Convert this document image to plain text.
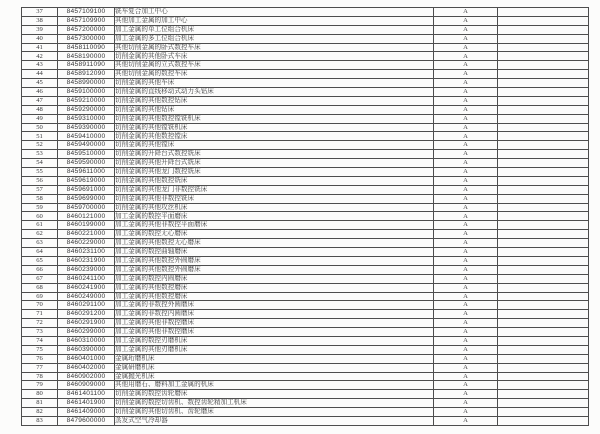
37	8457109100	铣车复合加工中心	A	
38	8457109900	其他加工金属的加工中心	A	
39	8457200000	加工金属的单工位组合机床	A	
40	8457300000	加工金属的多工位组合机床	A	
41	8458110090	其他切削金属的卧式数控车床	A	
42	8458190000	切削金属的其他卧式车床	A	
43	8458911090	其他切削金属的立式数控车床	A	
44	8458912090	其他切削金属的数控车床	A	
45	8458990000	切削金属的其他车床	A	
46	8459100000	切削金属的直线移动式动力头钻床	A	
47	8459210000	切削金属的其他数控钻床	A	
48	8459290000	切削金属的其他钻床	A	
49	8459310000	切削金属的其他数控镗铣机床	A	
50	8459390000	切削金属的其他镗铣机床	A	
51	8459410000	切削金属的其他数控镗床	A	
52	8459490000	切削金属的其他镗床	A	
53	8459510000	切削金属的升降台式数控铣床	A	
54	8459590000	切削金属的其他升降台式铣床	A	
55	8459611000	切削金属的其他龙门数控铣床	A	
56	8459619000	切削金属的其他数控铣床	A	
57	8459691000	切削金属的其他龙门非数控铣床	A	
58	8459699000	切削金属的其他非数控铣床	A	
59	8459700000	切削金属的其他攻丝机床	A	
60	8460121000	加工金属的数控平面磨床	A	
61	8460199000	加工金属的其他非数控平面磨床	A	
62	8460221000	加工金属的数控无心磨床	A	
63	8460229000	加工金属的其他数控无心磨床	A	
64	8460231100	加工金属的数控曲轴磨床	A	
65	8460231900	加工金属的其他数控外圆磨床	A	
66	8460239000	加工金属的其他数控外圆磨床	A	
67	8460241100	加工金属的数控内圆磨床	A	
68	8460241900	加工金属的其他数控磨床	A	
69	8460249000	加工金属的其他数控磨床	A	
70	8460291100	加工金属的非数控外圆磨床	A	
71	8460291200	加工金属的非数控内圆磨床	A	
72	8460291900	加工金属的其他非数控磨床	A	
73	8460299000	加工金属的其他非数控磨床	A	
74	8460310000	加工金属的数控刃磨机床	A	
75	8460390000	加工金属的其他刃磨机床	A	
76	8460401000	金属珩磨机床	A	
77	8460402000	金属研磨机床	A	
78	8460902000	金属抛光机床	A	
79	8460909000	其他用磨石、磨料加工金属的机床	A	
80	8461401100	切削金属的数控齿轮磨床	A	
81	8461401900	切削金属的数控切齿机、数控齿轮精加工机床	A	
82	8461409000	切削金属的其他切齿机、齿轮磨床	A	
83	8479600000	蒸发式空气冷却器	A	
